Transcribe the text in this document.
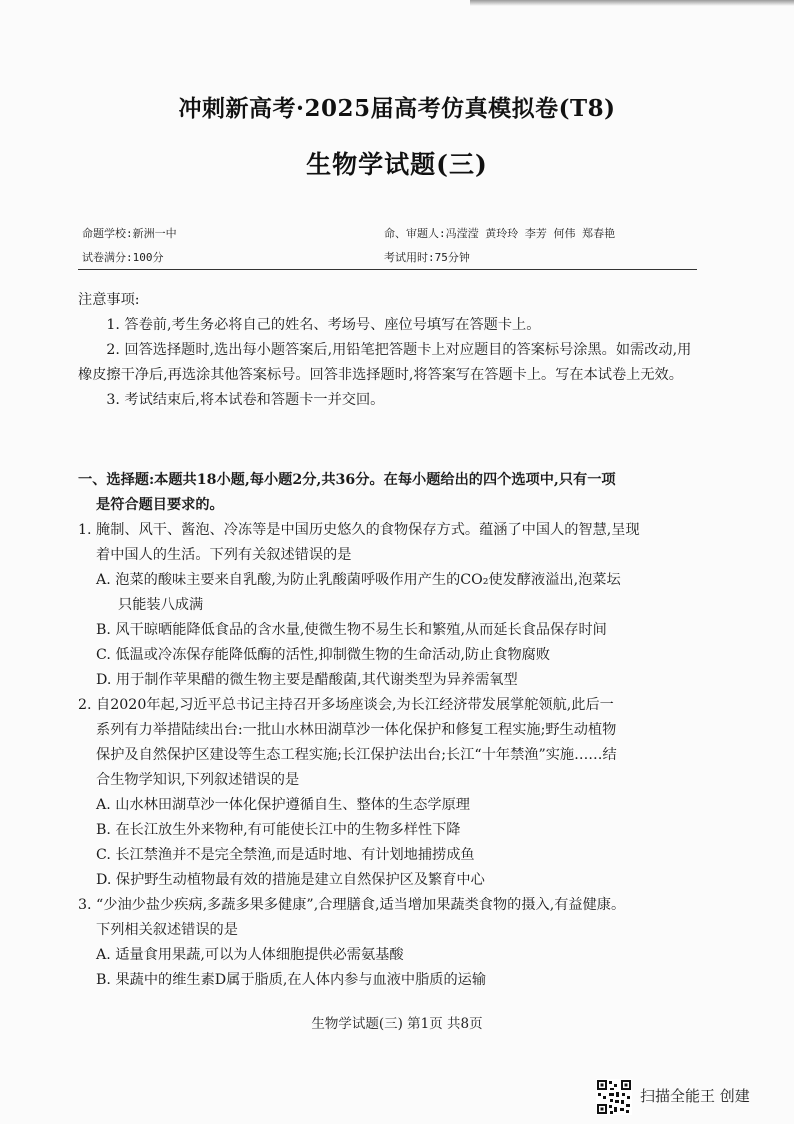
冲刺新高考·2025届高考仿真模拟卷(T8)
生物学试题(三)
命题学校:新洲一中	命、审题人:冯滢滢 黄玲玲 李芳 何伟 郑春艳
试卷满分:100分	考试用时:75分钟

注意事项:

1. 答卷前,考生务必将自己的姓名、考场号、座位号填写在答题卡上。

2. 回答选择题时,选出每小题答案后,用铅笔把答题卡上对应题目的答案标号涂黑。如需改动,用橡皮擦干净后,再选涂其他答案标号。回答非选择题时,将答案写在答题卡上。写在本试卷上无效。

3. 考试结束后,将本试卷和答题卡一并交回。

一、选择题:本题共18小题,每小题2分,共36分。在每小题给出的四个选项中,只有一项

是符合题目要求的。

1. 腌制、风干、酱泡、冷冻等是中国历史悠久的食物保存方式。蕴涵了中国人的智慧,呈现

着中国人的生活。下列有关叙述错误的是

A. 泡菜的酸味主要来自乳酸,为防止乳酸菌呼吸作用产生的CO₂使发酵液溢出,泡菜坛

只能装八成满

B. 风干晾晒能降低食品的含水量,使微生物不易生长和繁殖,从而延长食品保存时间

C. 低温或冷冻保存能降低酶的活性,抑制微生物的生命活动,防止食物腐败

D. 用于制作苹果醋的微生物主要是醋酸菌,其代谢类型为异养需氧型

2. 自2020年起,习近平总书记主持召开多场座谈会,为长江经济带发展掌舵领航,此后一

系列有力举措陆续出台:一批山水林田湖草沙一体化保护和修复工程实施;野生动植物

保护及自然保护区建设等生态工程实施;长江保护法出台;长江“十年禁渔”实施……结

合生物学知识,下列叙述错误的是

A. 山水林田湖草沙一体化保护遵循自生、整体的生态学原理

B. 在长江放生外来物种,有可能使长江中的生物多样性下降

C. 长江禁渔并不是完全禁渔,而是适时地、有计划地捕捞成鱼

D. 保护野生动植物最有效的措施是建立自然保护区及繁育中心

3. “少油少盐少疾病,多蔬多果多健康”,合理膳食,适当增加果蔬类食物的摄入,有益健康。

下列相关叙述错误的是

A. 适量食用果蔬,可以为人体细胞提供必需氨基酸

B. 果蔬中的维生素D属于脂质,在人体内参与血液中脂质的运输

生物学试题(三) 第1页 共8页
扫描全能王 创建
